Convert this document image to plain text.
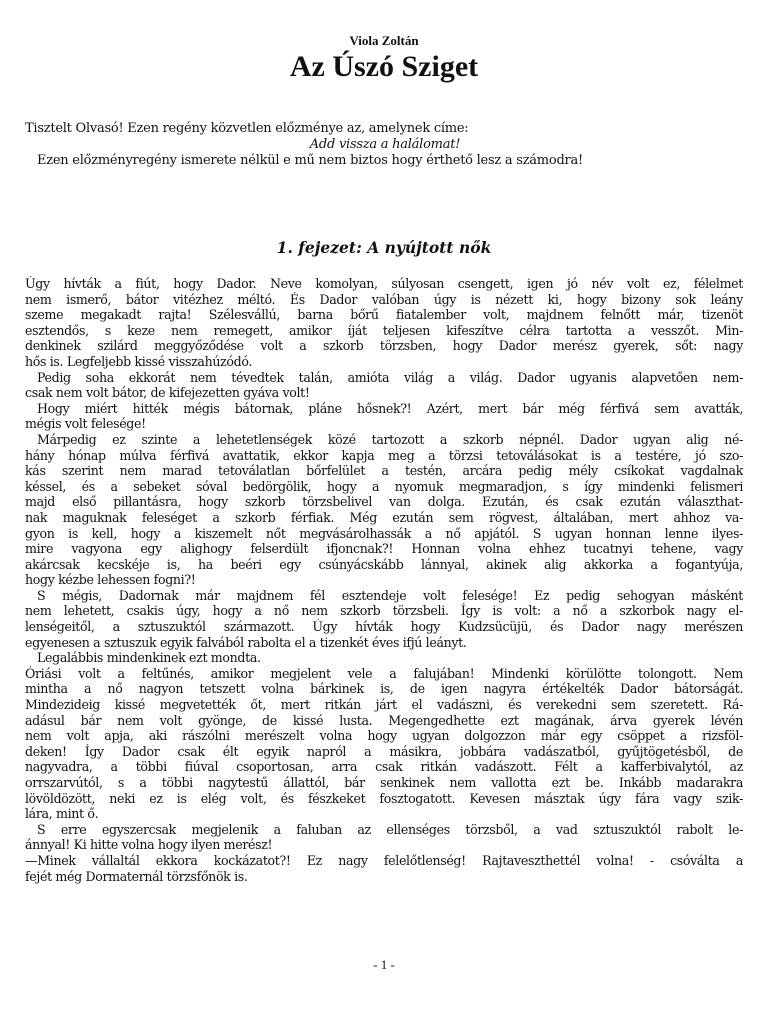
Viola Zoltán
Az Úszó Sziget
Tisztelt Olvasó! Ezen regény közvetlen előzménye az, amelynek címe:
Add vissza a halálomat!
Ezen előzményregény ismerete nélkül e mű nem biztos hogy érthető lesz a számodra!
1. fejezet: A nyújtott nők
Úgy hívták a fiút, hogy Dador. Neve komolyan, súlyosan csengett, igen jó név volt ez, félelmet
nem ismerő, bátor vitézhez méltó. És Dador valóban úgy is nézett ki, hogy bizony sok leány
szeme megakadt rajta! Szélesvállú, barna bőrű fiatalember volt, majdnem felnőtt már, tizenöt
esztendős, s keze nem remegett, amikor íját teljesen kifeszítve célra tartotta a vesszőt. Min-
denkinek szilárd meggyőződése volt a szkorb törzsben, hogy Dador merész gyerek, sőt: nagy
hős is. Legfeljebb kissé visszahúzódó.
Pedig soha ekkorát nem tévedtek talán, amióta világ a világ. Dador ugyanis alapvetően nem-
csak nem volt bátor, de kifejezetten gyáva volt!
Hogy miért hitték mégis bátornak, pláne hősnek?! Azért, mert bár még férfivá sem avatták,
mégis volt felesége!
Márpedig ez szinte a lehetetlenségek közé tartozott a szkorb népnél. Dador ugyan alig né-
hány hónap múlva férfivá avattatik, ekkor kapja meg a törzsi tetoválásokat is a testére, jó szo-
kás szerint nem marad tetoválatlan bőrfelület a testén, arcára pedig mély csíkokat vagdalnak
késsel, és a sebeket sóval bedörgölik, hogy a nyomuk megmaradjon, s így mindenki felismeri
majd első pillantásra, hogy szkorb törzsbelivel van dolga. Ezután, és csak ezután választhat-
nak maguknak feleséget a szkorb férfiak. Még ezután sem rögvest, általában, mert ahhoz va-
gyon is kell, hogy a kiszemelt nőt megvásárolhassák a nő apjától. S ugyan honnan lenne ilyes-
mire vagyona egy alighogy felserdült ifjoncnak?! Honnan volna ehhez tucatnyi tehene, vagy
akárcsak kecskéje is, ha beéri egy csúnyácskább lánnyal, akinek alig akkorka a fogantyúja,
hogy kézbe lehessen fogni?!
S mégis, Dadornak már majdnem fél esztendeje volt felesége! Ez pedig sehogyan másként
nem lehetett, csakis úgy, hogy a nő nem szkorb törzsbeli. Így is volt: a nő a szkorbok nagy el-
lenségeitől, a sztuszuktól származott. Úgy hívták hogy Kudzsücüjü, és Dador nagy merészen
egyenesen a sztuszuk egyik falvából rabolta el a tizenkét éves ifjú leányt.
Legalábbis mindenkinek ezt mondta.
Óriási volt a feltűnés, amikor megjelent vele a falujában! Mindenki körülötte tolongott. Nem
mintha a nő nagyon tetszett volna bárkinek is, de igen nagyra értékelték Dador bátorságát.
Mindezideig kissé megvetették őt, mert ritkán járt el vadászni, és verekedni sem szeretett. Rá-
adásul bár nem volt gyönge, de kissé lusta. Megengedhette ezt magának, árva gyerek lévén
nem volt apja, aki rászólni merészelt volna hogy ugyan dolgozzon már egy csöppet a rizsföl-
deken! Így Dador csak élt egyik napról a másikra, jobbára vadászatból, gyűjtögetésből, de
nagyvadra, a többi fiúval csoportosan, arra csak ritkán vadászott. Félt a kafferbivalytól, az
orrszarvútól, s a többi nagytestű állattól, bár senkinek nem vallotta ezt be. Inkább madarakra
lövöldözött, neki ez is elég volt, és fészkeket fosztogatott. Kevesen másztak úgy fára vagy szik-
lára, mint ő.
S erre egyszercsak megjelenik a faluban az ellenséges törzsből, a vad sztuszuktól rabolt le-
ánnyal! Ki hitte volna hogy ilyen merész!
—Minek vállaltál ekkora kockázatot?! Ez nagy felelőtlenség! Rajtaveszthettél volna! - csóválta a
fejét még Dormaternál törzsfőnök is.
- 1 -
